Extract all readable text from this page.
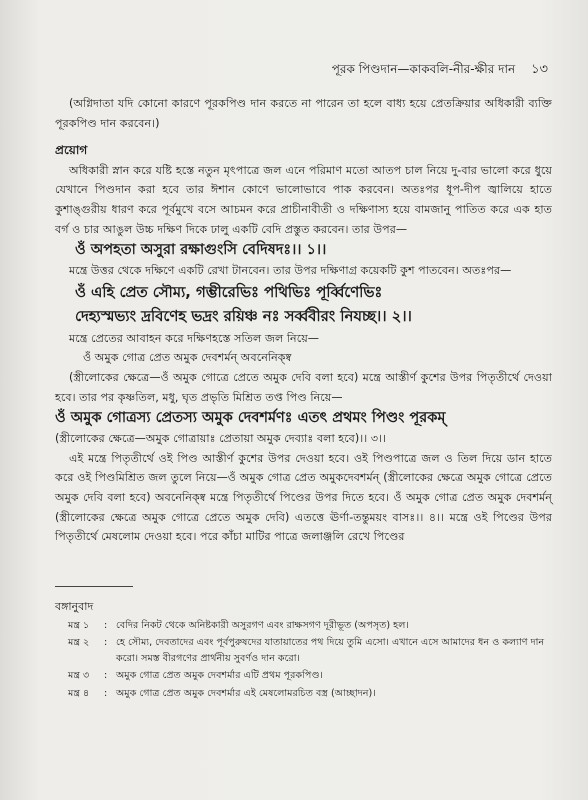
পূরক পিণ্ডদান—কাকবলি-নীর-ক্ষীর দান ১৩

(অগ্নিদাতা যদি কোনো কারণে পূরকপিণ্ড দান করতে না পারেন তা হলে বাধ্য হয়ে প্রেতক্রিয়ার অধিকারী ব্যক্তি পূরকপিণ্ড দান করবেন।)

প্রয়োগ

অধিকারী স্নান করে যষ্টি হস্তে নতুন মৃৎপাত্রে জল এনে পরিমাণ মতো আতপ চাল নিয়ে দু-বার ভালো করে ধুয়ে যেখানে পিণ্ডদান করা হবে তার ঈশান কোণে ভালোভাবে পাক করবেন। অতঃপর ধূপ-দীপ জ্বালিয়ে হাতে কুশাঙ্গুরীয় ধারণ করে পূর্বমুখে বসে আচমন করে প্রাচীনাবীতী ও দক্ষিণাস্য হয়ে বামজানু পাতিত করে এক হাত বর্গ ও চার আঙুল উচ্চ দক্ষিণ দিকে ঢালু একটি বেদি প্রস্তুত করবেন। তার উপর—

ওঁ অপহতা অসুরা রক্ষাগুংসি বেদিষদঃ।। ১।।

মন্ত্রে উত্তর থেকে দক্ষিণে একটি রেখা টানবেন। তার উপর দক্ষিণাগ্র কয়েকটি কুশ পাতবেন। অতঃপর—

ওঁ এহি প্রেত সৌম্য, গম্ভীরেভিঃ পথিভিঃ পূর্ব্বিণেভিঃ

দেহ্যস্মভ্যং দ্রবিণেহ ভদ্রং রয়িঞ্চ নঃ সর্ব্ববীরং নিযচ্ছ।। ২।।

মন্ত্রে প্রেতের আবাহন করে দক্ষিণহস্তে সতিল জল নিয়ে—

ওঁ অমুক গোত্র প্রেত অমুক দেবশর্মন্ অবনেনিক্ষ্ব

(স্ত্রীলোকের ক্ষেত্রে—ওঁ অমুক গোত্রে প্রেতে অমুক দেবি বলা হবে) মন্ত্রে আস্তীর্ণ কুশের উপর পিতৃতীর্থে দেওয়া হবে। তার পর কৃষ্ণতিল, মধু, ঘৃত প্রভৃতি মিশ্রিত তপ্ত পিণ্ড নিয়ে—

ওঁ অমুক গোত্রস্য প্রেতস্য অমুক দেবশর্মণঃ এতৎ প্রথমং পিণ্ডং পূরকম্

(স্ত্রীলোকের ক্ষেত্রে—অমুক গোত্রায়াঃ প্রেতায়া অমুক দেব্যাঃ বলা হবে)।। ৩।।

এই মন্ত্রে পিতৃতীর্থে ওই পিণ্ড আস্তীর্ণ কুশের উপর দেওয়া হবে। ওই পিণ্ডপাত্রে জল ও তিল দিয়ে ডান হাতে করে ওই পিণ্ডমিশ্রিত জল তুলে নিয়ে—ওঁ অমুক গোত্র প্রেত অমুকদেবশর্মন্ (স্ত্রীলোকের ক্ষেত্রে অমুক গোত্রে প্রেতে অমুক দেবি বলা হবে) অবনেনিক্ষ্ব মন্ত্রে পিতৃতীর্থে পিণ্ডের উপর দিতে হবে। ওঁ অমুক গোত্র প্রেত অমুক দেবশর্মন্ (স্ত্রীলোকের ক্ষেত্রে অমুক গোত্রে প্রেতে অমুক দেবি) এতত্তে ঊর্ণা-তন্তুময়ং বাসঃ।। ৪।। মন্ত্রে ওই পিণ্ডের উপর পিতৃতীর্থে মেষলোম দেওয়া হবে। পরে কাঁচা মাটির পাত্রে জলাঞ্জলি রেখে পিণ্ডের

বঙ্গানুবাদ
মন্ত্র ১	: বেদির নিকট থেকে অনিষ্টকারী অসুরগণ এবং রাক্ষসগণ দূরীভূত (অপসৃত) হল।
মন্ত্র ২	: হে সৌম্য, দেবতাদের এবং পূর্বপুরুষদের যাতায়াতের পথ দিয়ে তুমি এসো। এখানে এসে আমাদের ধন ও কল্যাণ দান করো। সমস্ত বীরগণের প্রার্থনীয় সুবর্ণও দান করো।
মন্ত্র ৩	: অমুক গোত্র প্রেত অমুক দেবশর্মার এটি প্রথম পূরকপিণ্ড।
মন্ত্র ৪	: অমুক গোত্র প্রেত অমুক দেবশর্মার এই মেষলোমরচিত বস্ত্র (আচ্ছাদন)।
